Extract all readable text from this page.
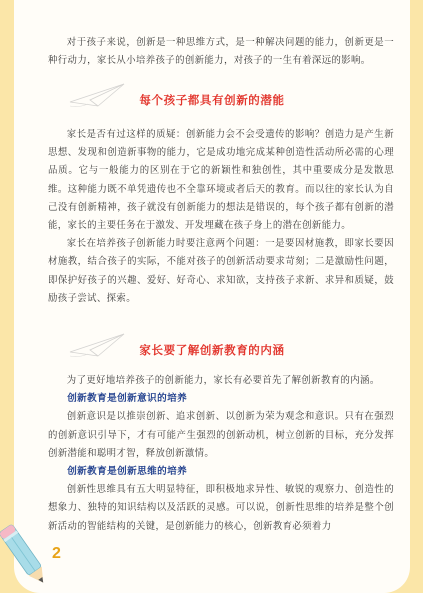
对于孩子来说，创新是一种思维方式，是一种解决问题的能力，创新更是一种行动力，家长从小培养孩子的创新能力，对孩子的一生有着深远的影响。

每个孩子都具有创新的潜能

家长是否有过这样的质疑：创新能力会不会受遗传的影响？创造力是产生新思想、发现和创造新事物的能力，它是成功地完成某种创造性活动所必需的心理品质。它与一般能力的区别在于它的新颖性和独创性，其中重要成分是发散思维。这种能力既不单凭遗传也不全靠环境或者后天的教育。而以往的家长认为自己没有创新精神，孩子就没有创新能力的想法是错误的，每个孩子都有创新的潜能，家长的主要任务在于激发、开发埋藏在孩子身上的潜在创新能力。

家长在培养孩子创新能力时要注意两个问题：一是要因材施教，即家长要因材施教，结合孩子的实际，不能对孩子的创新活动要求苛刻；二是激励性问题，即保护好孩子的兴趣、爱好、好奇心、求知欲，支持孩子求新、求异和质疑，鼓励孩子尝试、探索。

家长要了解创新教育的内涵

为了更好地培养孩子的创新能力，家长有必要首先了解创新教育的内涵。

创新教育是创新意识的培养

创新意识是以推崇创新、追求创新、以创新为荣为观念和意识。只有在强烈的创新意识引导下，才有可能产生强烈的创新动机，树立创新的目标，充分发挥创新潜能和聪明才智，释放创新激情。

创新教育是创新思维的培养

创新性思维具有五大明显特征，即积极地求异性、敏锐的观察力、创造性的想象力、独特的知识结构以及活跃的灵感。可以说，创新性思维的培养是整个创新活动的智能结构的关键，是创新能力的核心，创新教育必须着力

2
